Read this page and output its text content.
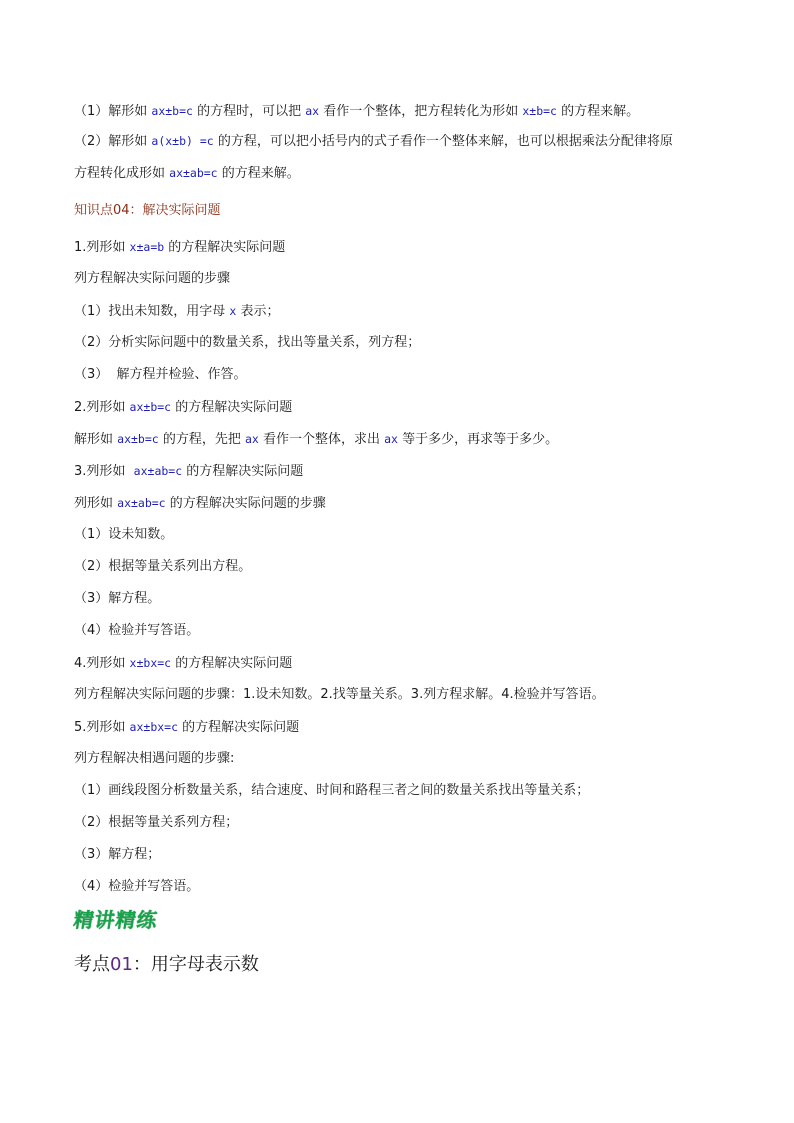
（1）解形如 ax±b=c 的方程时，可以把 ax 看作一个整体，把方程转化为形如 x±b=c 的方程来解。
（2）解形如 a(x±b) =c 的方程，可以把小括号内的式子看作一个整体来解，也可以根据乘法分配律将原
方程转化成形如 ax±ab=c 的方程来解。
知识点04：解决实际问题
1.列形如 x±a=b 的方程解决实际问题
列方程解决实际问题的步骤
（1）找出未知数，用字母 x 表示；
（2）分析实际问题中的数量关系，找出等量关系，列方程；
（3）  解方程并检验、作答。
2.列形如 ax±b=c 的方程解决实际问题
解形如 ax±b=c 的方程，先把 ax 看作一个整体，求出 ax 等于多少，再求等于多少。
3.列形如  ax±ab=c 的方程解决实际问题
列形如 ax±ab=c 的方程解决实际问题的步骤
（1）设未知数。
（2）根据等量关系列出方程。
（3）解方程。
（4）检验并写答语。
4.列形如 x±bx=c 的方程解决实际问题
列方程解决实际问题的步骤：1.设未知数。2.找等量关系。3.列方程求解。4.检验并写答语。
5.列形如 ax±bx=c 的方程解决实际问题
列方程解决相遇问题的步骤:
（1）画线段图分析数量关系，结合速度、时间和路程三者之间的数量关系找出等量关系；
（2）根据等量关系列方程；
（3）解方程；
（4）检验并写答语。
精讲精练
考点01：用字母表示数
